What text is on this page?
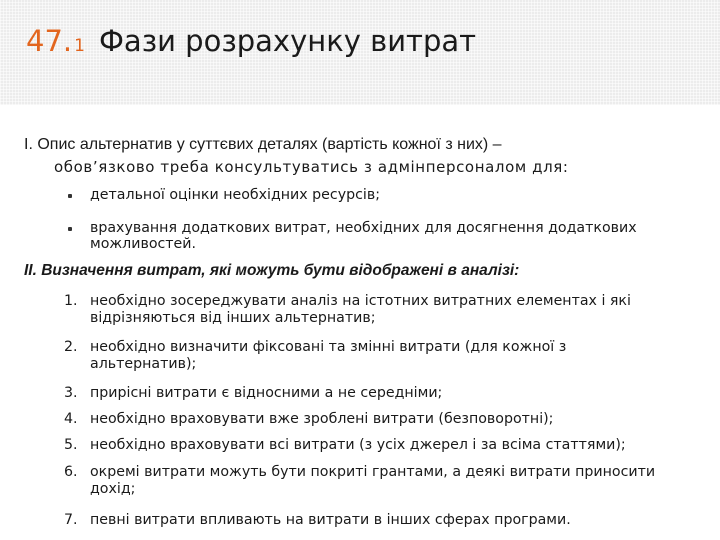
47. 1 Фази розрахунку витрат
І. Опис альтернатив у суттєвих деталях (вартість кожної з них) –
обов’язково треба консультуватись з адмінперсоналом для:
детальної оцінки необхідних ресурсів;
врахування додаткових витрат, необхідних для досягнення додаткових
можливостей.
ІІ. Визначення витрат, які можуть бути відображені в аналізі:
1. необхідно зосереджувати аналіз на істотних витратних елементах і які
відрізняються від інших альтернатив;
2. необхідно визначити фіксовані та змінні витрати (для кожної з
альтернатив);
3. прирісні витрати є відносними а не середніми;
4. необхідно враховувати вже зроблені витрати (безповоротні);
5. необхідно враховувати всі витрати (з усіх джерел і за всіма статтями);
6. окремі витрати можуть бути покриті грантами, а деякі витрати приносити
дохід;
7. певні витрати впливають на витрати в інших сферах програми.
